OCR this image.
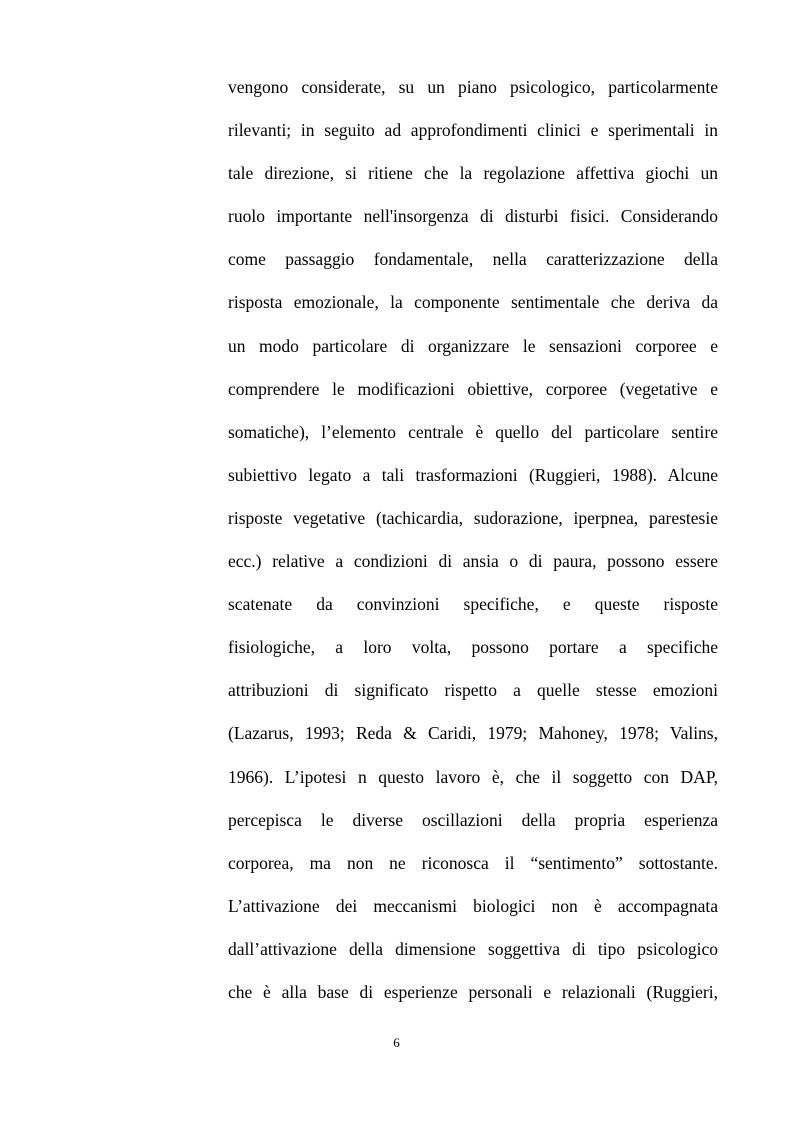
vengono considerate, su un piano psicologico, particolarmente
rilevanti; in seguito ad approfondimenti clinici e sperimentali in
tale direzione, si ritiene che la regolazione affettiva giochi un
ruolo importante nell'insorgenza di disturbi fisici. Considerando
come passaggio fondamentale, nella caratterizzazione della
risposta emozionale, la componente sentimentale che deriva da
un modo particolare di organizzare le sensazioni corporee e
comprendere le modificazioni obiettive, corporee (vegetative e
somatiche), l’elemento centrale è quello del particolare sentire
subiettivo legato a tali trasformazioni (Ruggieri, 1988). Alcune
risposte vegetative (tachicardia, sudorazione, iperpnea, parestesie
ecc.) relative a condizioni di ansia o di paura, possono essere
scatenate da convinzioni specifiche, e queste risposte
fisiologiche, a loro volta, possono portare a specifiche
attribuzioni di significato rispetto a quelle stesse emozioni
(Lazarus, 1993; Reda & Caridi, 1979; Mahoney, 1978; Valins,
1966). L’ipotesi n questo lavoro è, che il soggetto con DAP,
percepisca le diverse oscillazioni della propria esperienza
corporea, ma non ne riconosca il “sentimento” sottostante.
L’attivazione dei meccanismi biologici non è accompagnata
dall’attivazione della dimensione soggettiva di tipo psicologico
che è alla base di esperienze personali e relazionali (Ruggieri,
6
